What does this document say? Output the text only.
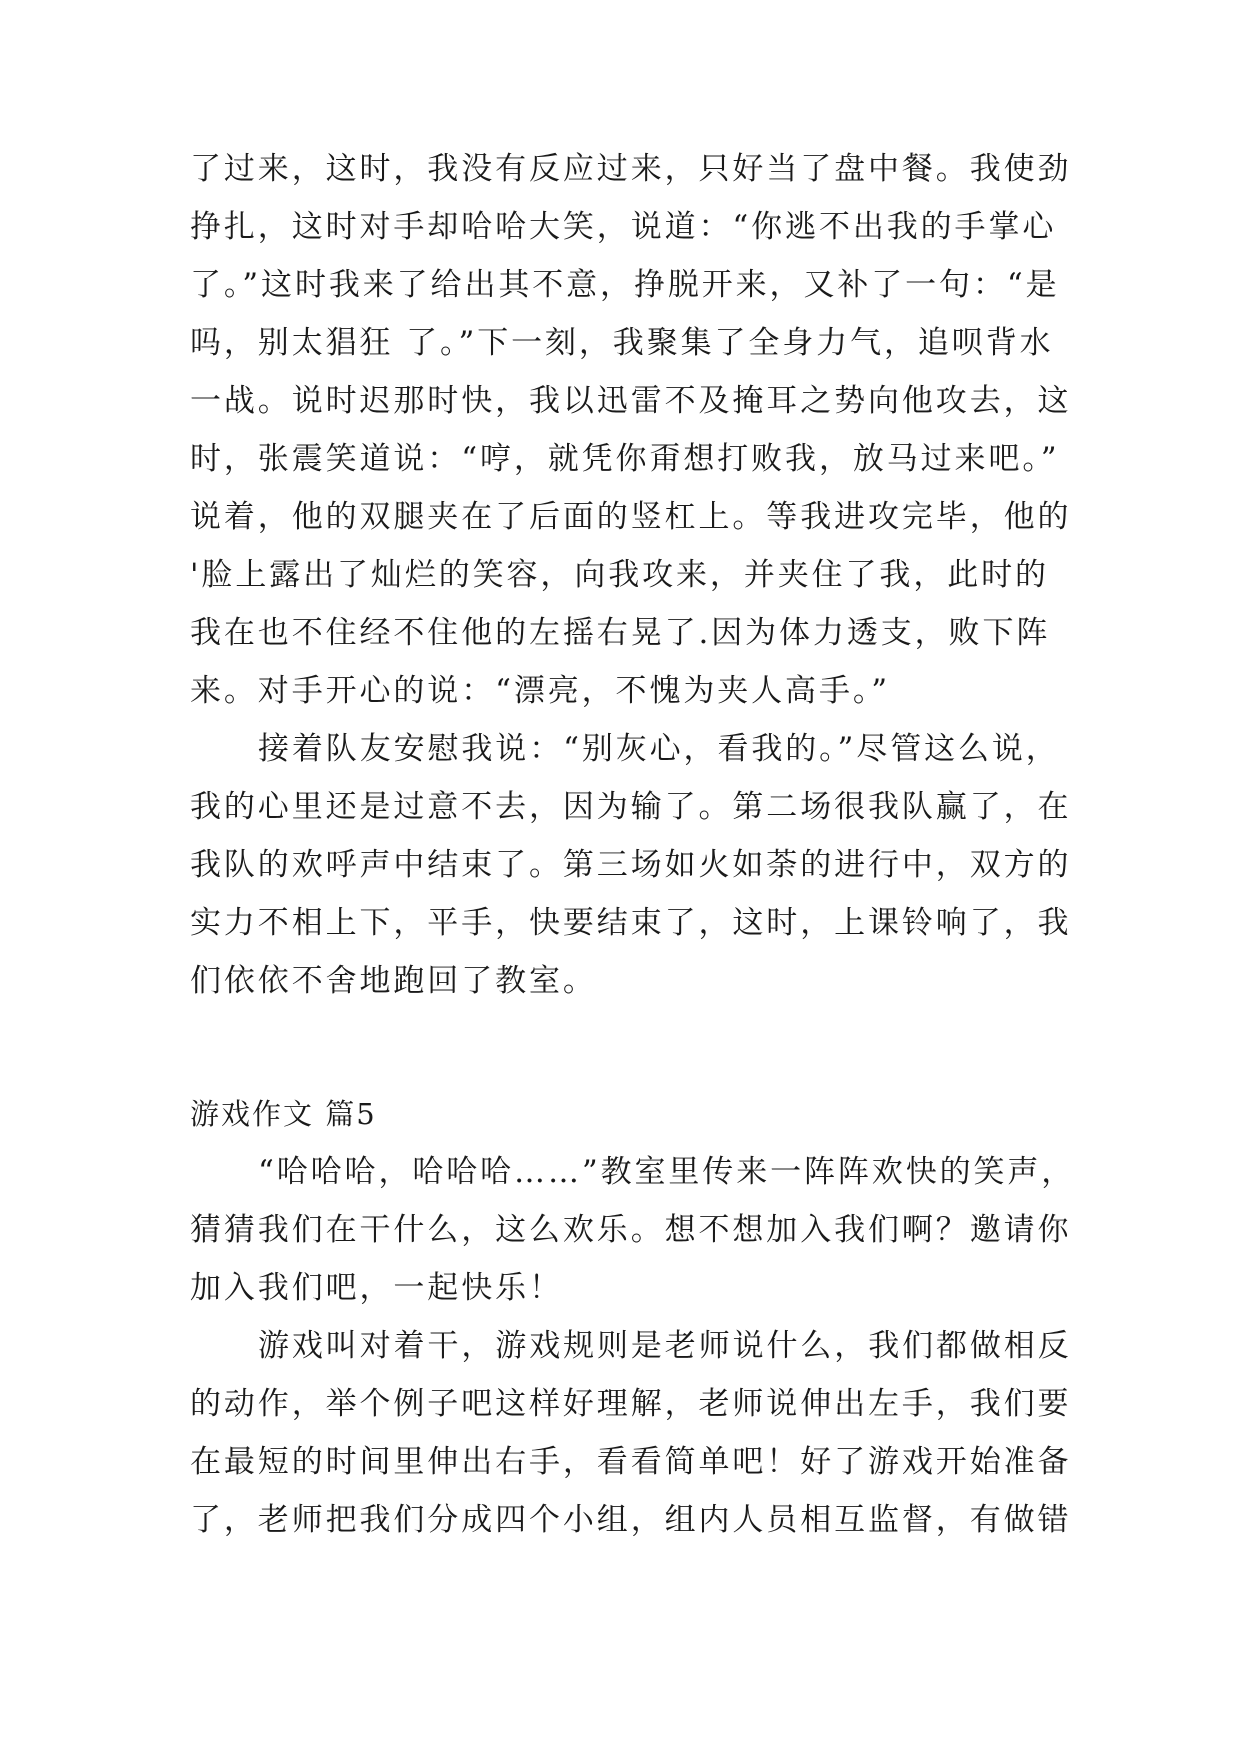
了过来，这时，我没有反应过来，只好当了盘中餐。我使劲
挣扎，这时对手却哈哈大笑，说道：“你逃不出我的手掌心
了。”这时我来了给出其不意，挣脱开来，又补了一句：“是
吗，别太猖狂 了。”下一刻，我聚集了全身力气，追呗背水
一战。说时迟那时快，我以迅雷不及掩耳之势向他攻去，这
时，张震笑道说：“哼，就凭你甭想打败我，放马过来吧。”
说着，他的双腿夹在了后面的竖杠上。等我进攻完毕，他的
'脸上露出了灿烂的笑容，向我攻来，并夹住了我，此时的
我在也不住经不住他的左摇右晃了.因为体力透支，败下阵
来。对手开心的说：“漂亮，不愧为夹人高手。”
接着队友安慰我说：“别灰心，看我的。”尽管这么说，
我的心里还是过意不去，因为输了。第二场很我队赢了，在
我队的欢呼声中结束了。第三场如火如荼的进行中，双方的
实力不相上下，平手，快要结束了，这时，上课铃响了，我
们依依不舍地跑回了教室。
游戏作文 篇5
“哈哈哈，哈哈哈……”教室里传来一阵阵欢快的笑声，
猜猜我们在干什么，这么欢乐。想不想加入我们啊？邀请你
加入我们吧，一起快乐！
游戏叫对着干，游戏规则是老师说什么，我们都做相反
的动作，举个例子吧这样好理解，老师说伸出左手，我们要
在最短的时间里伸出右手，看看简单吧！好了游戏开始准备
了，老师把我们分成四个小组，组内人员相互监督，有做错
